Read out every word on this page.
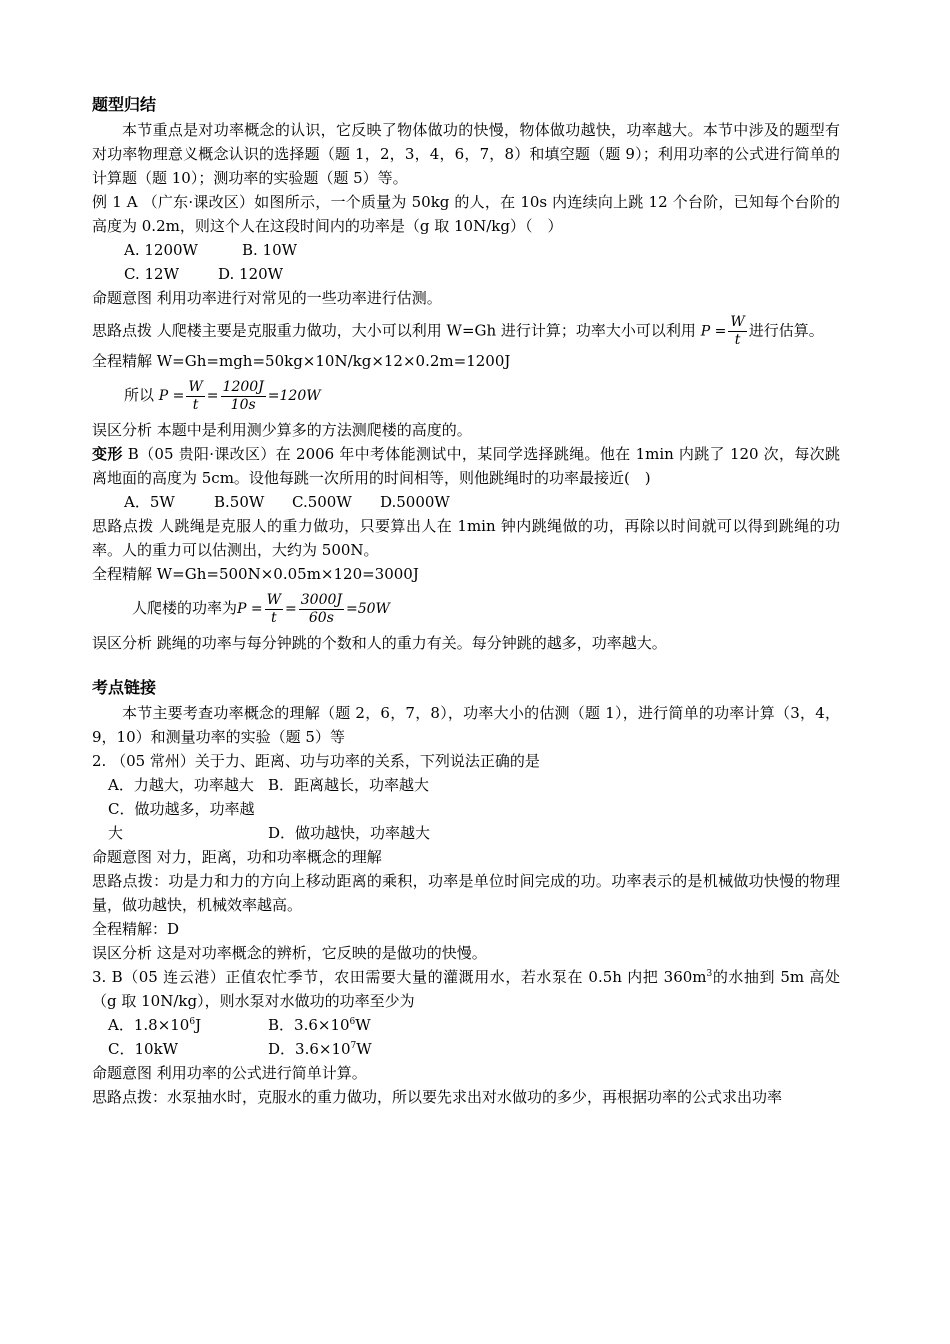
题型归结
本节重点是对功率概念的认识，它反映了物体做功的快慢，物体做功越快，功率越大。本节中涉及的题型有对功率物理意义概念认识的选择题（题 1，2，3，4，6，7，8）和填空题（题 9）；利用功率的公式进行简单的计算题（题 10）；测功率的实验题（题 5）等。
例 1 A （广东·课改区）如图所示，一个质量为 50kg 的人，在 10s 内连续向上跳 12 个台阶，已知每个台阶的高度为 0.2m，则这个人在这段时间内的功率是（g 取 10N/kg）（　）
A. 1200W	B. 10W
C. 12W	D. 120W
命题意图 利用功率进行对常见的一些功率进行估测。
思路点拨 人爬楼主要是克服重力做功，大小可以利用 W=Gh 进行计算；功率大小可以利用 $P = \frac{W}{t}$ 进行估算。
全程精解 W=Gh=mgh=50kg×10N/kg×12×0.2m=1200J
所以 $P = \frac{W}{t} = \frac{1200J}{10s} =120W$
误区分析 本题中是利用测少算多的方法测爬楼的高度的。
变形 B（05 贵阳·课改区）在 2006 年中考体能测试中，某同学选择跳绳。他在 1min 内跳了 120 次，每次跳离地面的高度为 5cm。设他每跳一次所用的时间相等，则他跳绳时的功率最接近(　)
A．5W	B.50W C.500W D.5000W
思路点拨 人跳绳是克服人的重力做功，只要算出人在 1min 钟内跳绳做的功，再除以时间就可以得到跳绳的功率。人的重力可以估测出，大约为 500N。
全程精解 W=Gh=500N×0.05m×120=3000J
人爬楼的功率为$P = \frac{W}{t} = \frac{3000J}{60s} =50W$
误区分析 跳绳的功率与每分钟跳的个数和人的重力有关。每分钟跳的越多，功率越大。
考点链接
本节主要考查功率概念的理解（题 2，6，7，8），功率大小的估测（题 1），进行简单的功率计算（3，4，9，10）和测量功率的实验（题 5）等
2. （05 常州）关于力、距离、功与功率的关系，下列说法正确的是
A．力越大，功率越大 B．距离越长，功率越大
C．做功越多，功率越大	D．做功越快，功率越大
命题意图 对力，距离，功和功率概念的理解
思路点拨：功是力和力的方向上移动距离的乘积，功率是单位时间完成的功。功率表示的是机械做功快慢的物理量，做功越快，机械效率越高。
全程精解：D
误区分析 这是对功率概念的辨析，它反映的是做功的快慢。
3. B（05 连云港）正值农忙季节，农田需要大量的灌溉用水，若水泵在 0.5h 内把 $360m^3$的水抽到 5m 高处（g 取 10N/kg），则水泵对水做功的功率至少为
A．$1.8\times 10^6J$	B．$3.6\times 10^6W$
C．10kW	D．$3.6\times 10^7W$
命题意图 利用功率的公式进行简单计算。
思路点拨：水泵抽水时，克服水的重力做功，所以要先求出对水做功的多少，再根据功率的公式求出功率
